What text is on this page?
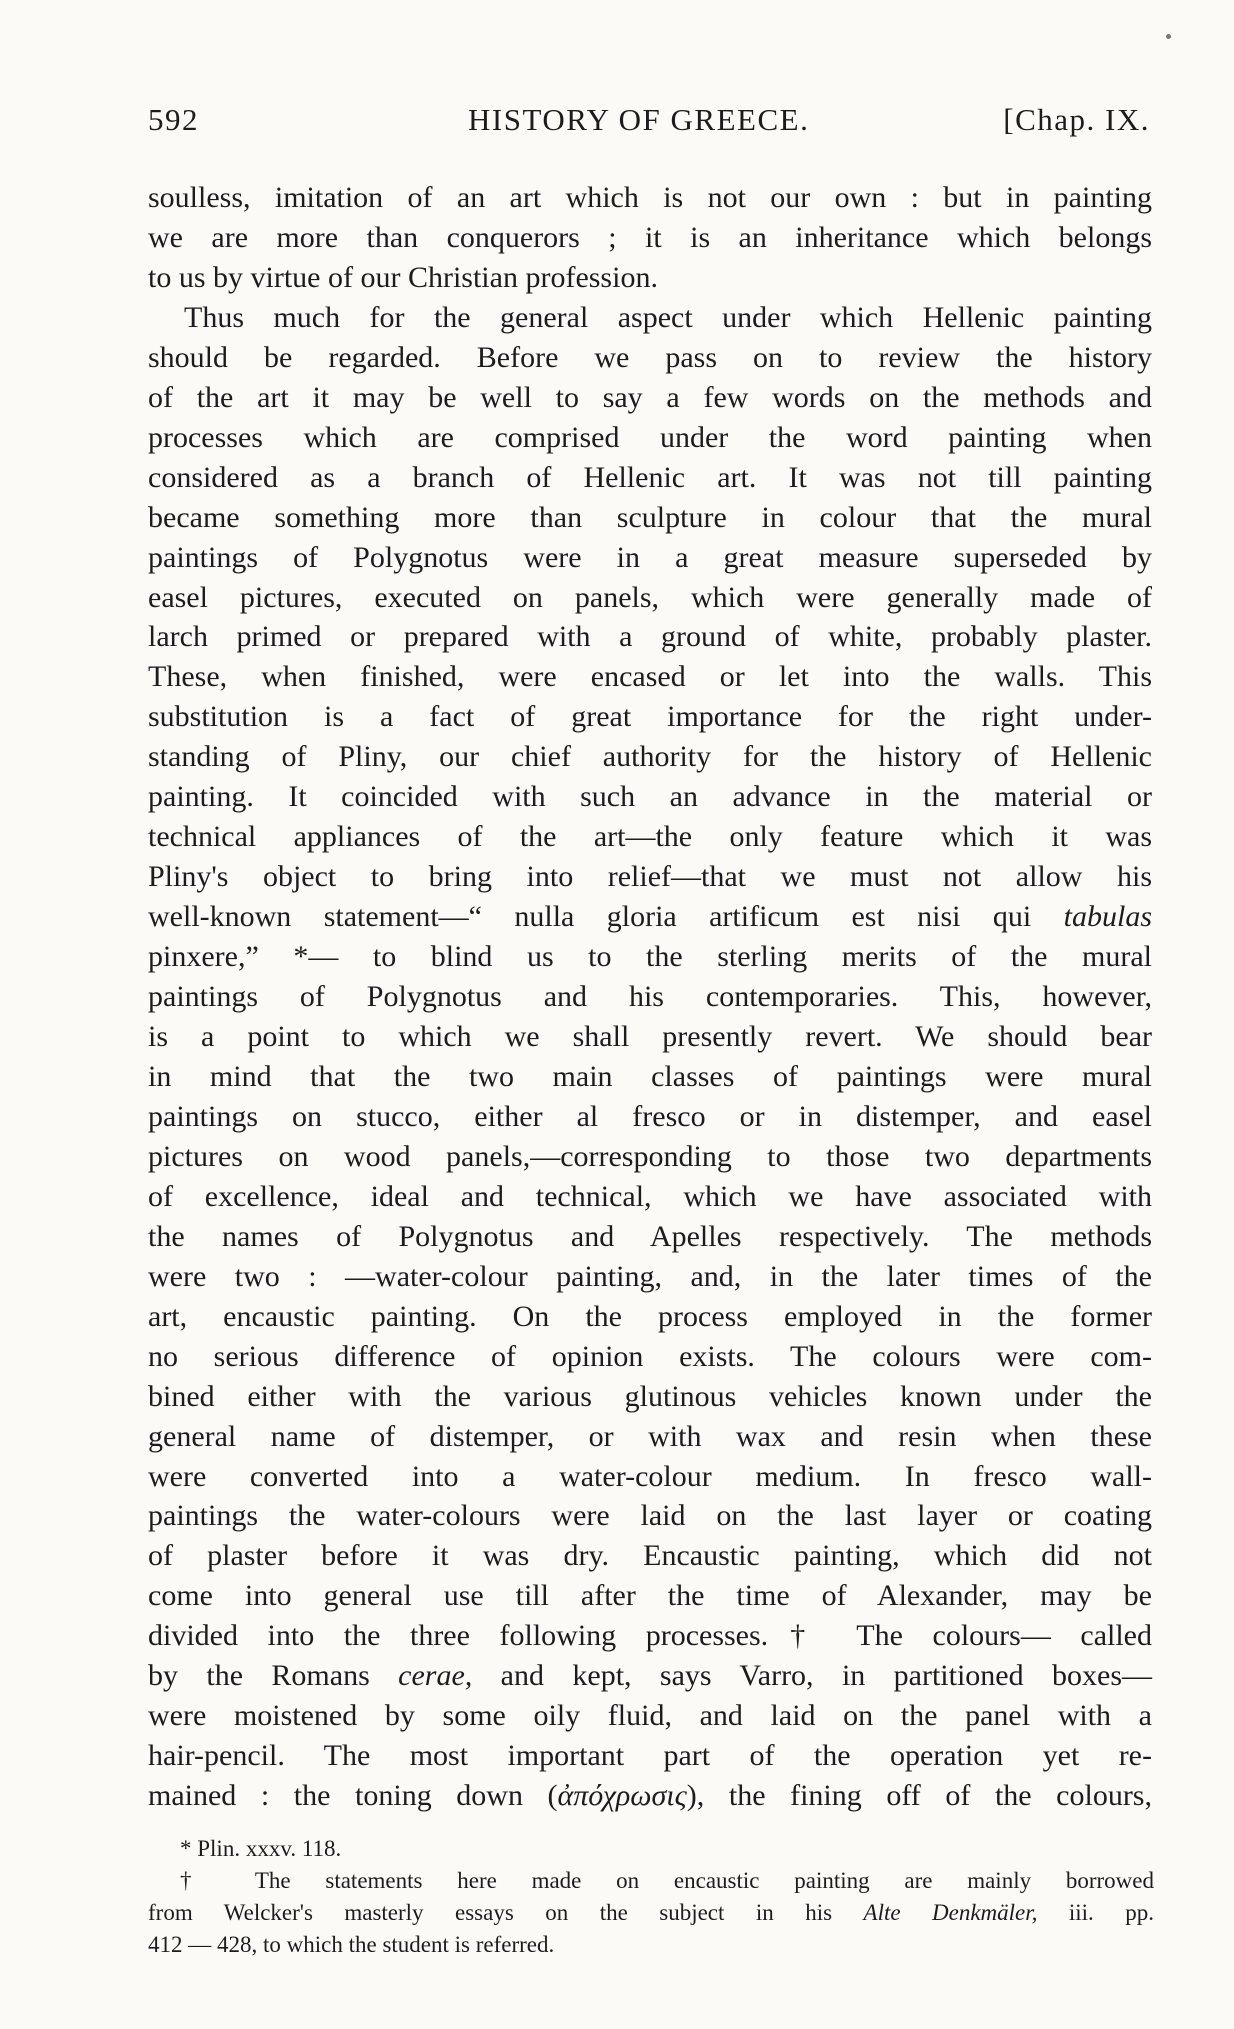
592	HISTORY OF GREECE.	[Chap. IX.
soulless, imitation of an art which is not our own : but in painting
we are more than conquerors ; it is an inheritance which belongs
to us by virtue of our Christian profession.
Thus much for the general aspect under which Hellenic painting
should be regarded. Before we pass on to review the history
of the art it may be well to say a few words on the methods and
processes which are comprised under the word painting when
considered as a branch of Hellenic art. It was not till painting
became something more than sculpture in colour that the mural
paintings of Polygnotus were in a great measure superseded by
easel pictures, executed on panels, which were generally made of
larch primed or prepared with a ground of white, probably plaster.
These, when finished, were encased or let into the walls. This
substitution is a fact of great importance for the right under-
standing of Pliny, our chief authority for the history of Hellenic
painting. It coincided with such an advance in the material or
technical appliances of the art—the only feature which it was
Pliny's object to bring into relief—that we must not allow his
well-known statement—“ nulla gloria artificum est nisi qui tabulas
pinxere,” *— to blind us to the sterling merits of the mural
paintings of Polygnotus and his contemporaries. This, however,
is a point to which we shall presently revert. We should bear
in mind that the two main classes of paintings were mural
paintings on stucco, either al fresco or in distemper, and easel
pictures on wood panels,—corresponding to those two departments
of excellence, ideal and technical, which we have associated with
the names of Polygnotus and Apelles respectively. The methods
were two : —water-colour painting, and, in the later times of the
art, encaustic painting. On the process employed in the former
no serious difference of opinion exists. The colours were com-
bined either with the various glutinous vehicles known under the
general name of distemper, or with wax and resin when these
were converted into a water-colour medium. In fresco wall-
paintings the water-colours were laid on the last layer or coating
of plaster before it was dry. Encaustic painting, which did not
come into general use till after the time of Alexander, may be
divided into the three following processes.† The colours— called
by the Romans cerae, and kept, says Varro, in partitioned boxes—
were moistened by some oily fluid, and laid on the panel with a
hair-pencil. The most important part of the operation yet re-
mained : the toning down (ἀπόχρωσις), the fining off of the colours,
* Plin. xxxv. 118.
† The statements here made on encaustic painting are mainly borrowed
from Welcker's masterly essays on the subject in his Alte Denkmäler, iii. pp.
412 — 428, to which the student is referred.
